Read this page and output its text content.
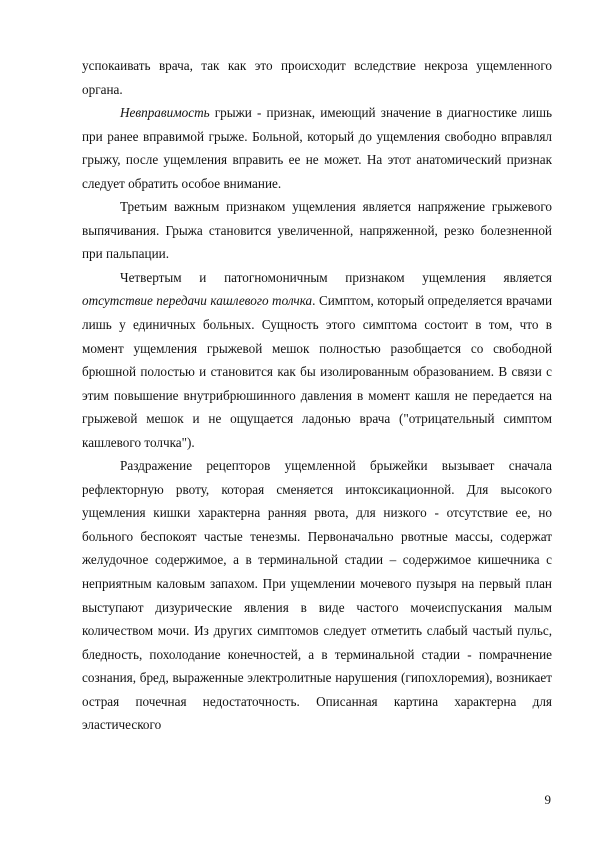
успокаивать врача, так как это происходит вследствие некроза ущемленного органа.

Невправимость грыжи - признак, имеющий значение в диагностике лишь при ранее вправимой грыже. Больной, который до ущемления свободно вправлял грыжу, после ущемления вправить ее не может. На этот анатомический признак следует обратить особое внимание.

Третьим важным признаком ущемления является напряжение грыжевого выпячивания. Грыжа становится увеличенной, напряженной, резко болезненной при пальпации.

Четвертым и патогномоничным признаком ущемления является отсутствие передачи кашлевого толчка. Симптом, который определяется врачами лишь у единичных больных. Сущность этого симптома состоит в том, что в момент ущемления грыжевой мешок полностью разобщается со свободной брюшной полостью и становится как бы изолированным образованием. В связи с этим повышение внутрибрюшинного давления в момент кашля не передается на грыжевой мешок и не ощущается ладонью врача ("отрицательный симптом кашлевого толчка").

Раздражение рецепторов ущемленной брыжейки вызывает сначала рефлекторную рвоту, которая сменяется интоксикационной. Для высокого ущемления кишки характерна ранняя рвота, для низкого - отсутствие ее, но больного беспокоят частые тенезмы. Первоначально рвотные массы, содержат желудочное содержимое, а в терминальной стадии – содержимое кишечника с неприятным каловым запахом. При ущемлении мочевого пузыря на первый план выступают дизурические явления в виде частого мочеиспускания малым количеством мочи. Из других симптомов следует отметить слабый частый пульс, бледность, похолодание конечностей, а в терминальной стадии - помрачнение сознания, бред, выраженные электролитные нарушения (гипохлоремия), возникает острая почечная недостаточность. Описанная картина характерна для эластического

9
